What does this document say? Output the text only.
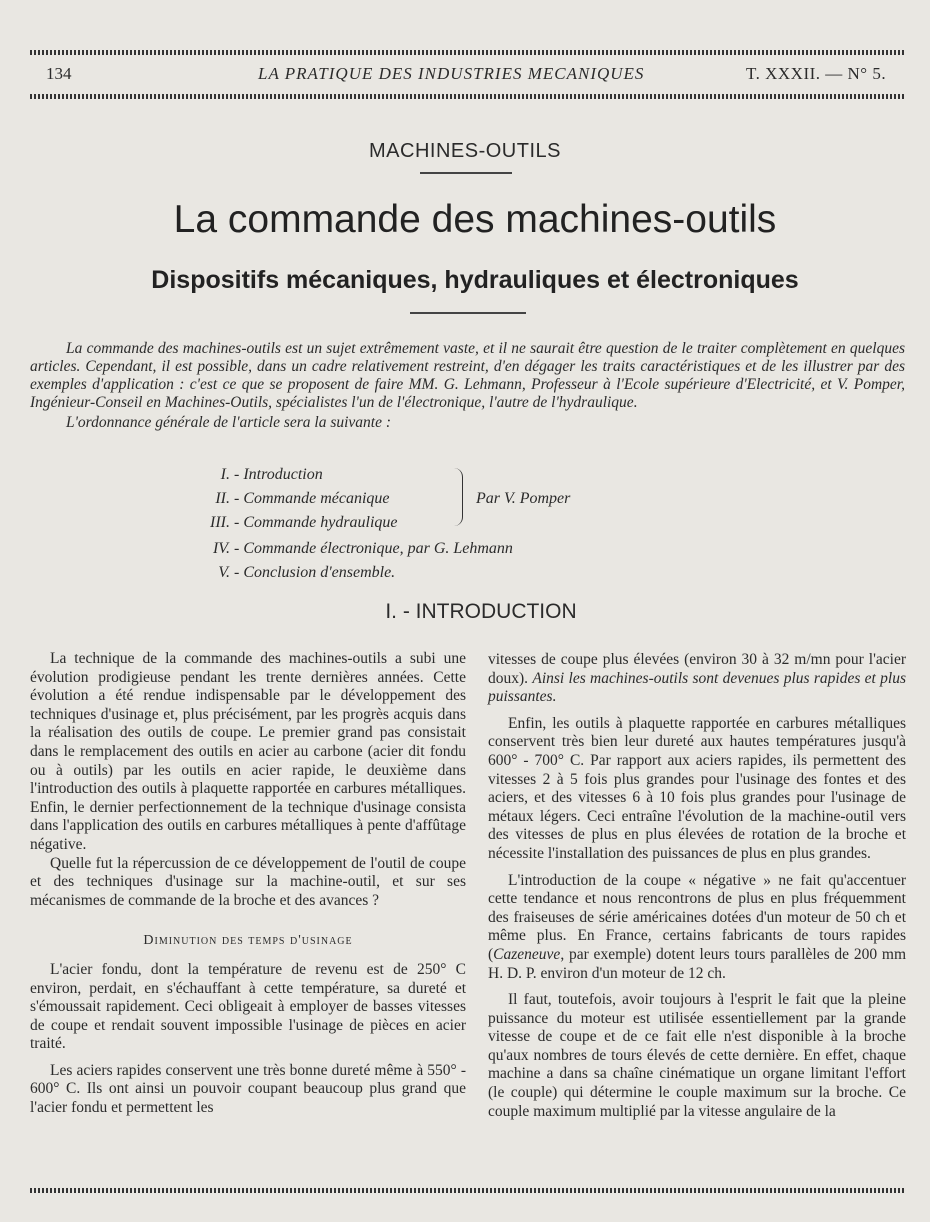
134	LA PRATIQUE DES INDUSTRIES MECANIQUES	T. XXXII. — N° 5.
MACHINES-OUTILS
La commande des machines-outils
Dispositifs mécaniques, hydrauliques et électroniques

La commande des machines-outils est un sujet extrêmement vaste, et il ne saurait être question de le traiter complètement en quelques articles. Cependant, il est possible, dans un cadre relativement restreint, d'en dégager les traits caractéristiques et de les illustrer par des exemples d'application : c'est ce que se proposent de faire MM. G. Lehmann, Professeur à l'Ecole supérieure d'Electricité, et V. Pomper, Ingénieur-Conseil en Machines-Outils, spécialistes l'un de l'électronique, l'autre de l'hydraulique.

L'ordonnance générale de l'article sera la suivante :

I. - Introduction
II. - Commande mécanique
III. - Commande hydraulique
IV. - Commande électronique, par G. Lehmann
V. - Conclusion d'ensemble.
Par V. Pomper
I. - INTRODUCTION

La technique de la commande des machines-outils a subi une évolution prodigieuse pendant les trente dernières années. Cette évolution a été rendue indispensable par le développement des techniques d'usinage et, plus précisément, par les progrès acquis dans la réalisation des outils de coupe. Le premier grand pas consistait dans le remplacement des outils en acier au carbone (acier dit fondu ou à outils) par les outils en acier rapide, le deuxième dans l'introduction des outils à plaquette rapportée en carbures métalliques. Enfin, le dernier perfectionnement de la technique d'usinage consista dans l'application des outils en carbures métalliques à pente d'affûtage négative.

Quelle fut la répercussion de ce développement de l'outil de coupe et des techniques d'usinage sur la machine-outil, et sur ses mécanismes de commande de la broche et des avances ?

Diminution des temps d'usinage

L'acier fondu, dont la température de revenu est de 250° C environ, perdait, en s'échauffant à cette température, sa dureté et s'émoussait rapidement. Ceci obligeait à employer de basses vitesses de coupe et rendait souvent impossible l'usinage de pièces en acier traité.

Les aciers rapides conservent une très bonne dureté même à 550° - 600° C. Ils ont ainsi un pouvoir coupant beaucoup plus grand que l'acier fondu et permettent les

vitesses de coupe plus élevées (environ 30 à 32 m/mn pour l'acier doux). Ainsi les machines-outils sont devenues plus rapides et plus puissantes.

Enfin, les outils à plaquette rapportée en carbures métalliques conservent très bien leur dureté aux hautes températures jusqu'à 600° - 700° C. Par rapport aux aciers rapides, ils permettent des vitesses 2 à 5 fois plus grandes pour l'usinage des fontes et des aciers, et des vitesses 6 à 10 fois plus grandes pour l'usinage de métaux légers. Ceci entraîne l'évolution de la machine-outil vers des vitesses de plus en plus élevées de rotation de la broche et nécessite l'installation des puissances de plus en plus grandes.

L'introduction de la coupe « négative » ne fait qu'accentuer cette tendance et nous rencontrons de plus en plus fréquemment des fraiseuses de série américaines dotées d'un moteur de 50 ch et même plus. En France, certains fabricants de tours rapides (Cazeneuve, par exemple) dotent leurs tours parallèles de 200 mm H. D. P. environ d'un moteur de 12 ch.

Il faut, toutefois, avoir toujours à l'esprit le fait que la pleine puissance du moteur est utilisée essentiellement par la grande vitesse de coupe et de ce fait elle n'est disponible à la broche qu'aux nombres de tours élevés de cette dernière. En effet, chaque machine a dans sa chaîne cinématique un organe limitant l'effort (le couple) qui détermine le couple maximum sur la broche. Ce couple maximum multiplié par la vitesse angulaire de la
